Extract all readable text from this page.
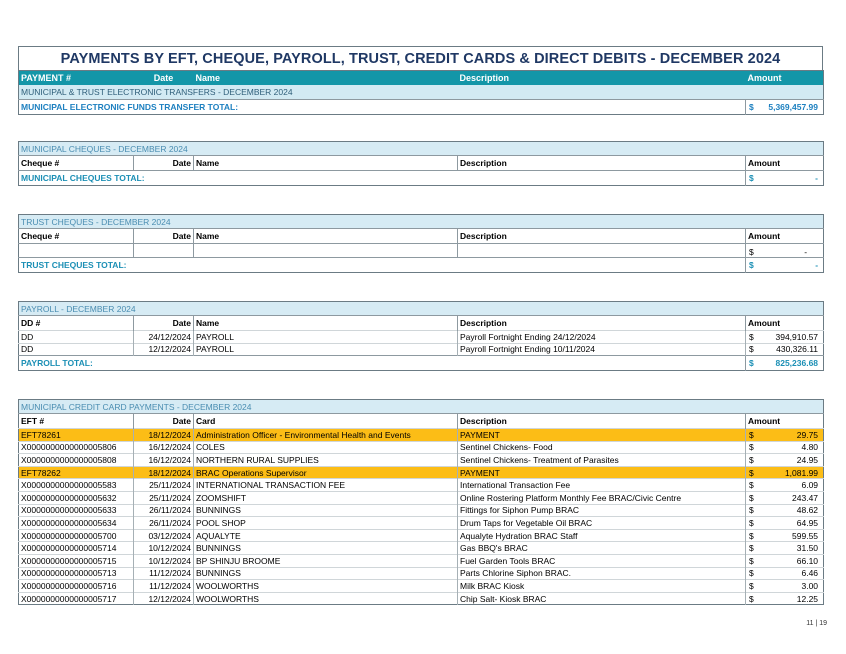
PAYMENTS BY EFT, CHEQUE, PAYROLL, TRUST, CREDIT CARDS & DIRECT DEBITS - DECEMBER 2024
PAYMENT #	Date	Name	Description	Amount
MUNICIPAL & TRUST ELECTRONIC TRANSFERS - DECEMBER 2024				
MUNICIPAL ELECTRONIC FUNDS TRANSFER TOTAL:				$ 5,369,457.99
MUNICIPAL CHEQUES - DECEMBER 2024				
Cheque #	Date	Name	Description	Amount
MUNICIPAL CHEQUES TOTAL:				$ -
TRUST CHEQUES - DECEMBER 2024				
Cheque #	Date	Name	Description	Amount

				$ -

TRUST CHEQUES TOTAL:				$ -
PAYROLL - DECEMBER 2024				
DD #	Date	Name	Description	Amount
DD	24/12/2024	PAYROLL	Payroll Fortnight Ending 24/12/2024	$ 394,910.57

DD	12/12/2024	PAYROLL	Payroll Fortnight Ending 10/11/2024	$ 430,326.11

PAYROLL TOTAL:				$ 825,236.68
MUNICIPAL CREDIT CARD PAYMENTS - DECEMBER 2024				
EFT #	Date	Card	Description	Amount
EFT78261	18/12/2024	Administration Officer - Environmental Health and Events	PAYMENT	$ 29.75

X0000000000000005806	16/12/2024	COLES	Sentinel Chickens- Food	$ 4.80

X0000000000000005808	16/12/2024	NORTHERN RURAL SUPPLIES	Sentinel Chickens- Treatment of Parasites	$ 24.95

EFT78262	18/12/2024	BRAC Operations Supervisor	PAYMENT	$ 1,081.99

X0000000000000005583	25/11/2024	INTERNATIONAL TRANSACTION FEE	International Transaction Fee	$ 6.09

X0000000000000005632	25/11/2024	ZOOMSHIFT	Online Rostering Platform Monthly Fee BRAC/Civic Centre	$ 243.47

X0000000000000005633	26/11/2024	BUNNINGS	Fittings for Siphon Pump BRAC	$ 48.62

X0000000000000005634	26/11/2024	POOL SHOP	Drum Taps for Vegetable Oil BRAC	$ 64.95

X0000000000000005700	03/12/2024	AQUALYTE	Aqualyte Hydration BRAC Staff	$ 599.55

X0000000000000005714	10/12/2024	BUNNINGS	Gas BBQ's BRAC	$ 31.50

X0000000000000005715	10/12/2024	BP SHINJU BROOME	Fuel Garden Tools BRAC	$ 66.10

X0000000000000005713	11/12/2024	BUNNINGS	Parts Chlorine Siphon BRAC.	$ 6.46

X0000000000000005716	11/12/2024	WOOLWORTHS	Milk BRAC Kiosk	$ 3.00

X0000000000000005717	12/12/2024	WOOLWORTHS	Chip Salt- Kiosk BRAC	$ 12.25
11 | 19
